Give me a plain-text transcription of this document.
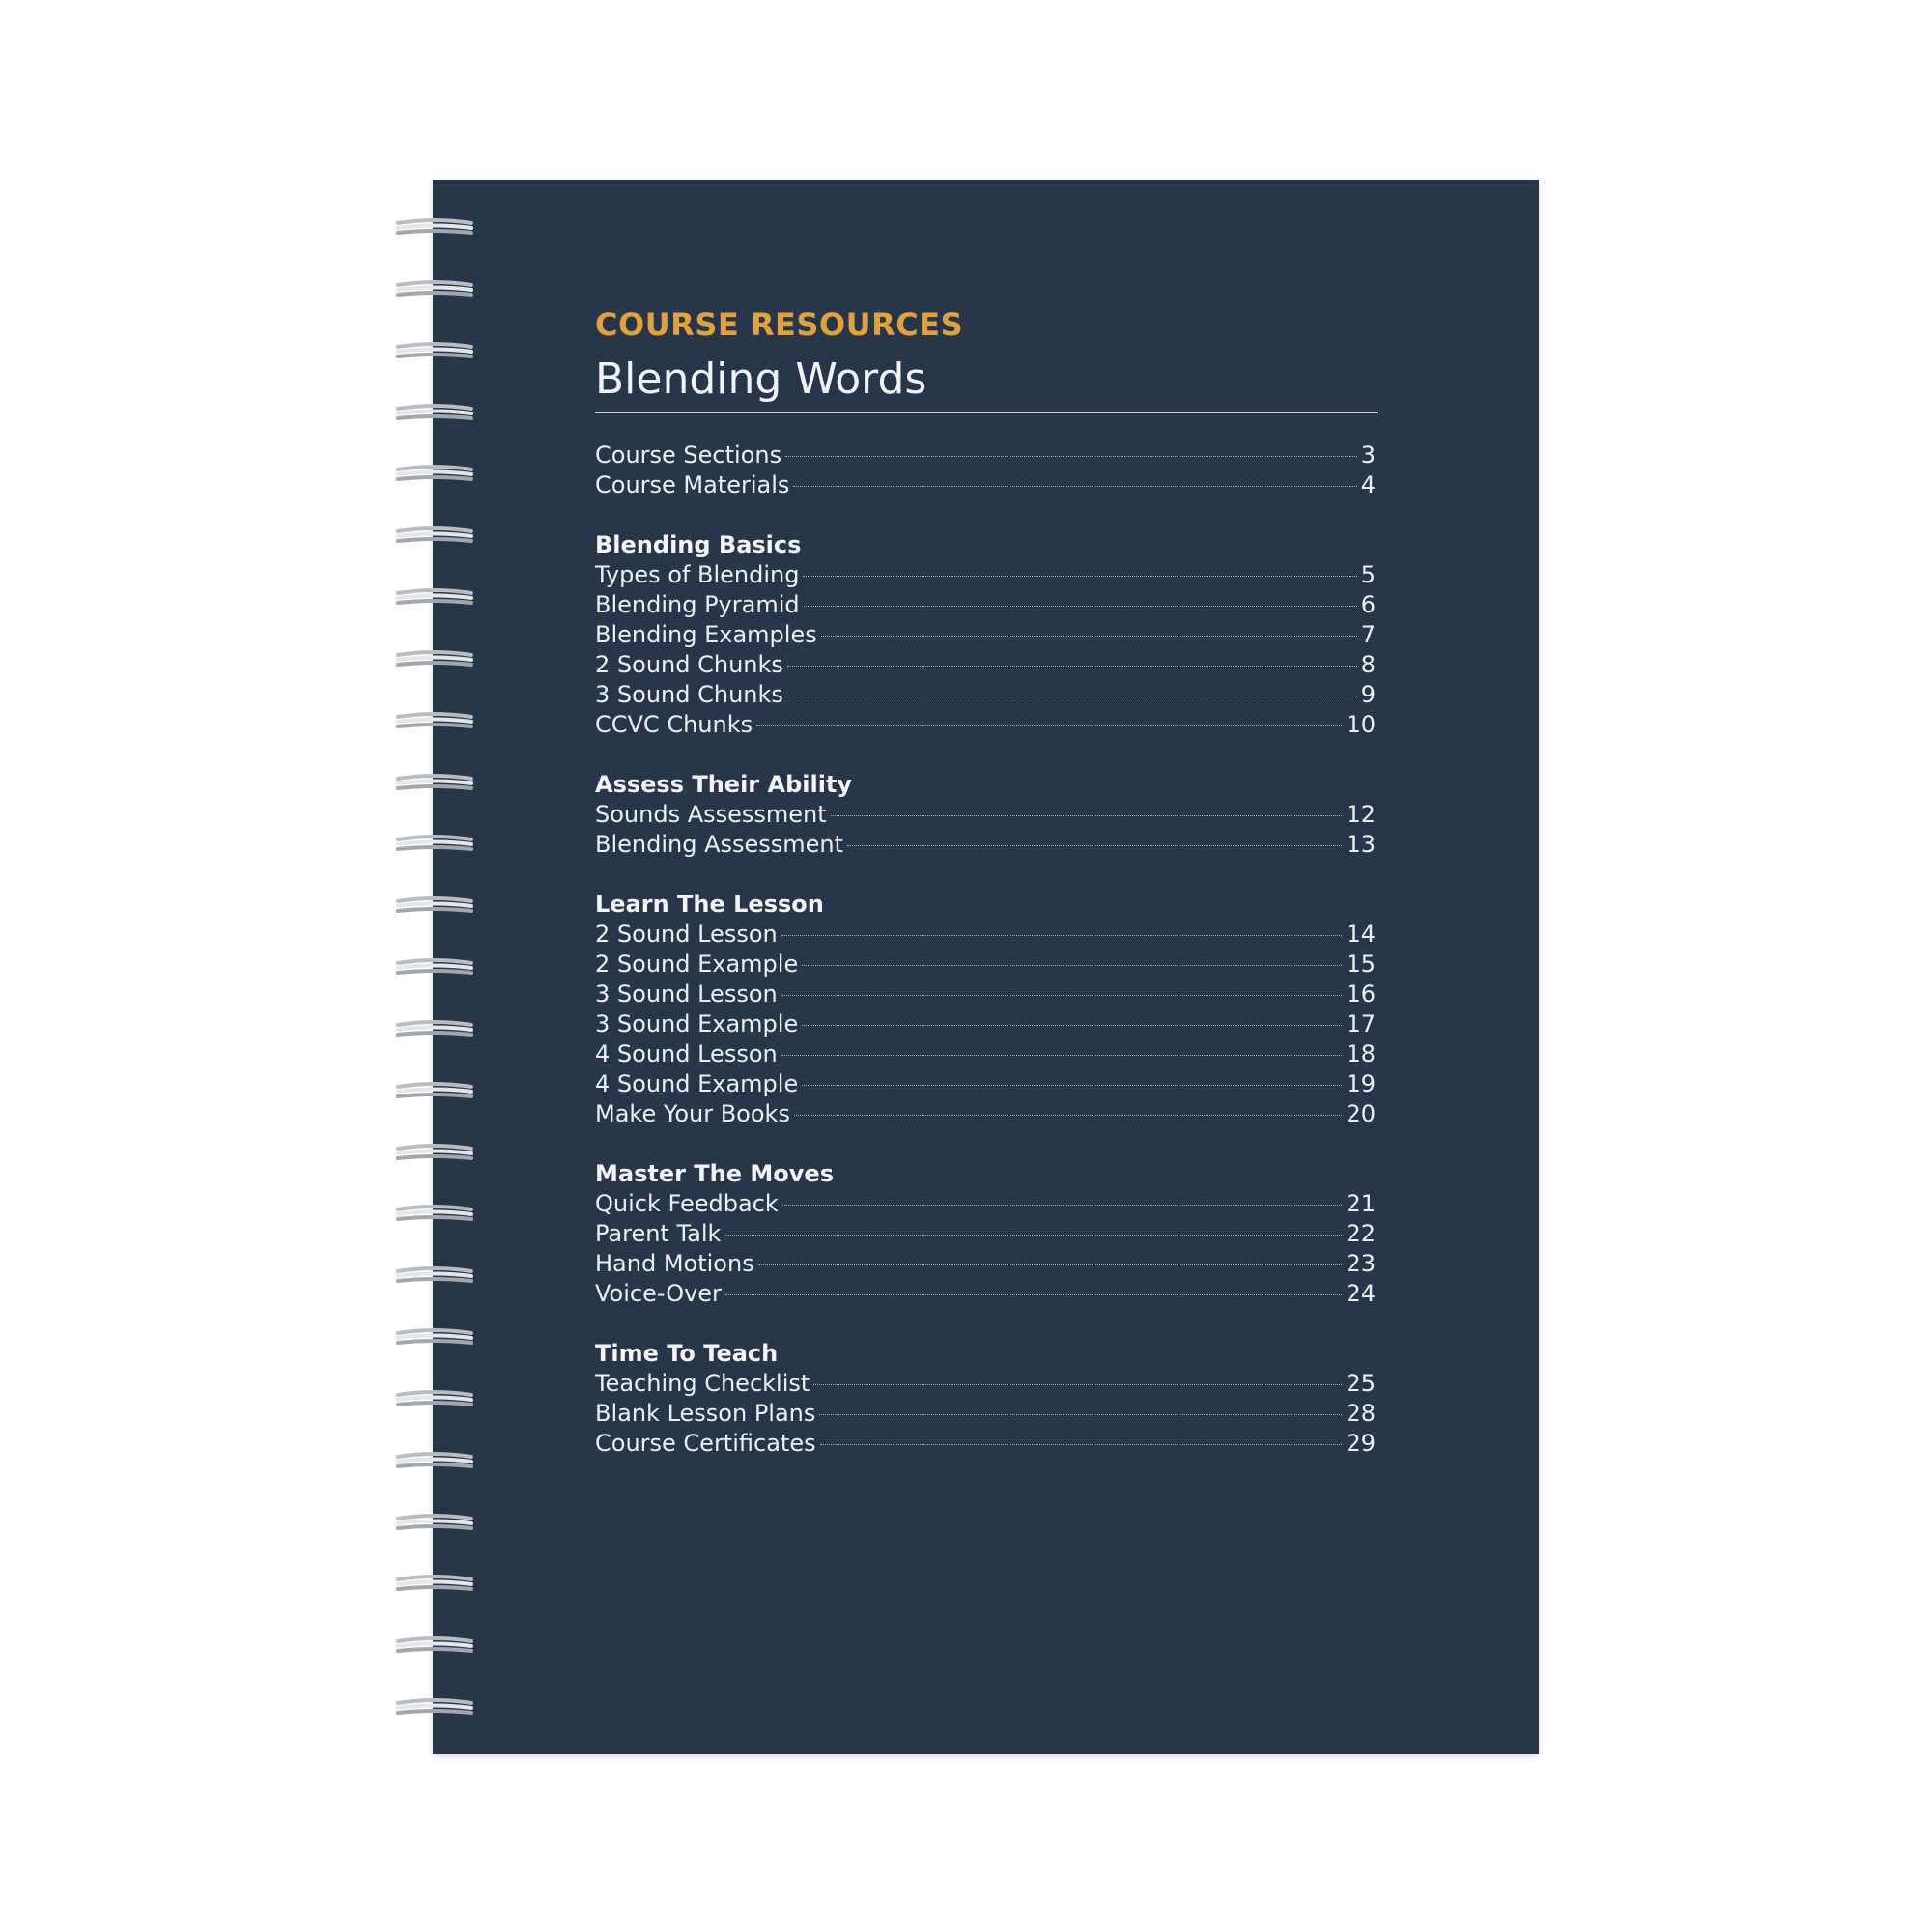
COURSE RESOURCES
Blending Words
Course Sections	3
Course Materials	4
Blending Basics
Types of Blending	5
Blending Pyramid	6
Blending Examples	7
2 Sound Chunks	8
3 Sound Chunks	9
CCVC Chunks	10
Assess Their Ability
Sounds Assessment	12
Blending Assessment	13
Learn The Lesson
2 Sound Lesson	14
2 Sound Example	15
3 Sound Lesson	16
3 Sound Example	17
4 Sound Lesson	18
4 Sound Example	19
Make Your Books	20
Master The Moves
Quick Feedback	21
Parent Talk	22
Hand Motions	23
Voice-Over	24
Time To Teach
Teaching Checklist	25
Blank Lesson Plans	28
Course Certificates	29
